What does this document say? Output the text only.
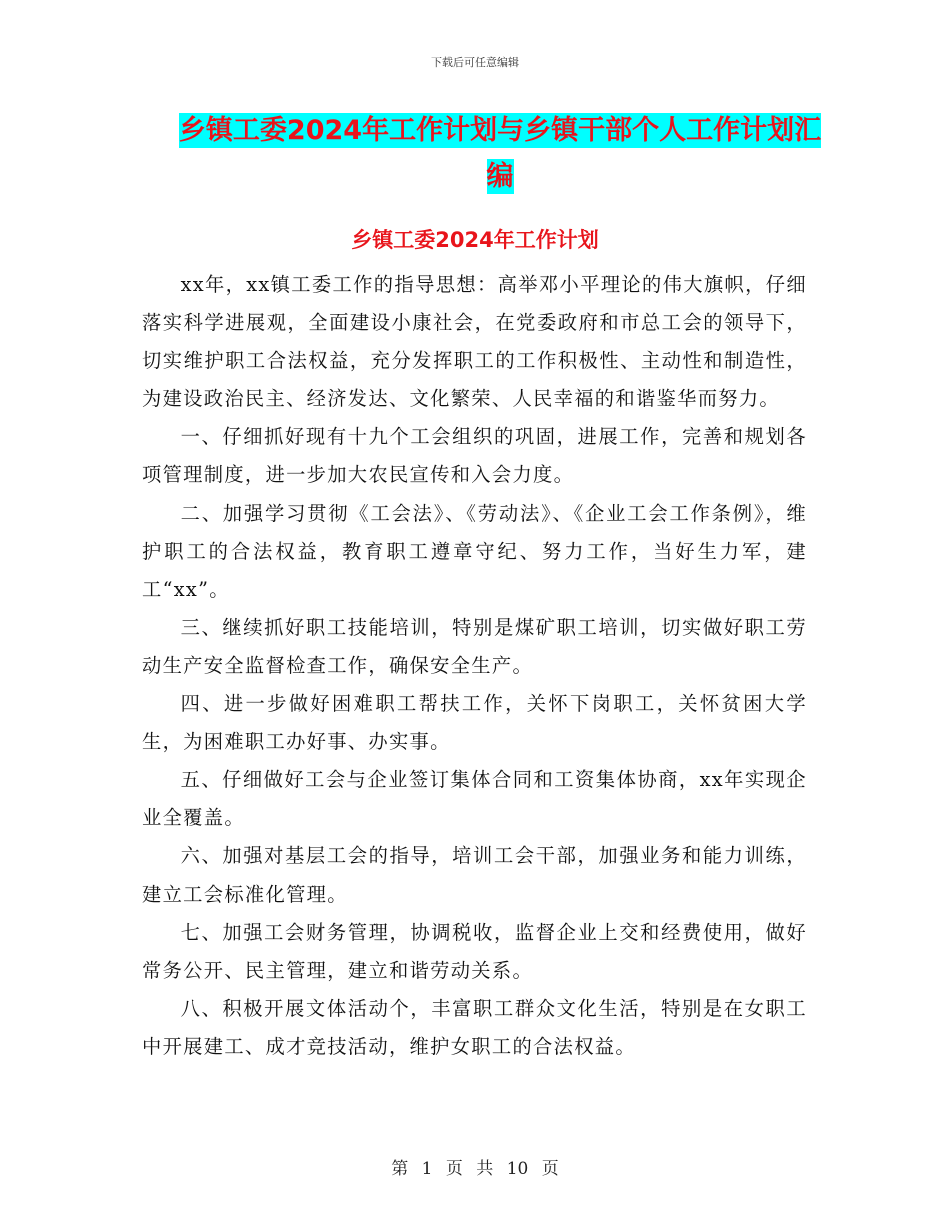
下载后可任意编辑
乡镇工委2024年工作计划与乡镇干部个人工作计划汇编
乡镇工委2024年工作计划

xx年，xx镇工委工作的指导思想：高举邓小平理论的伟大旗帜，仔细落实科学进展观，全面建设小康社会，在党委政府和市总工会的领导下，切实维护职工合法权益，充分发挥职工的工作积极性、主动性和制造性，为建设政治民主、经济发达、文化繁荣、人民幸福的和谐鉴华而努力。

一、仔细抓好现有十九个工会组织的巩固，进展工作，完善和规划各项管理制度，进一步加大农民宣传和入会力度。

二、加强学习贯彻《工会法》、《劳动法》、《企业工会工作条例》，维护职工的合法权益，教育职工遵章守纪、努力工作，当好生力军，建工“xx”。

三、继续抓好职工技能培训，特别是煤矿职工培训，切实做好职工劳动生产安全监督检查工作，确保安全生产。

四、进一步做好困难职工帮扶工作，关怀下岗职工，关怀贫困大学生，为困难职工办好事、办实事。

五、仔细做好工会与企业签订集体合同和工资集体协商，xx年实现企业全覆盖。

六、加强对基层工会的指导，培训工会干部，加强业务和能力训练，建立工会标准化管理。

七、加强工会财务管理，协调税收，监督企业上交和经费使用，做好常务公开、民主管理，建立和谐劳动关系。

八、积极开展文体活动个，丰富职工群众文化生活，特别是在女职工中开展建工、成才竞技活动，维护女职工的合法权益。

第 1 页 共 10 页
